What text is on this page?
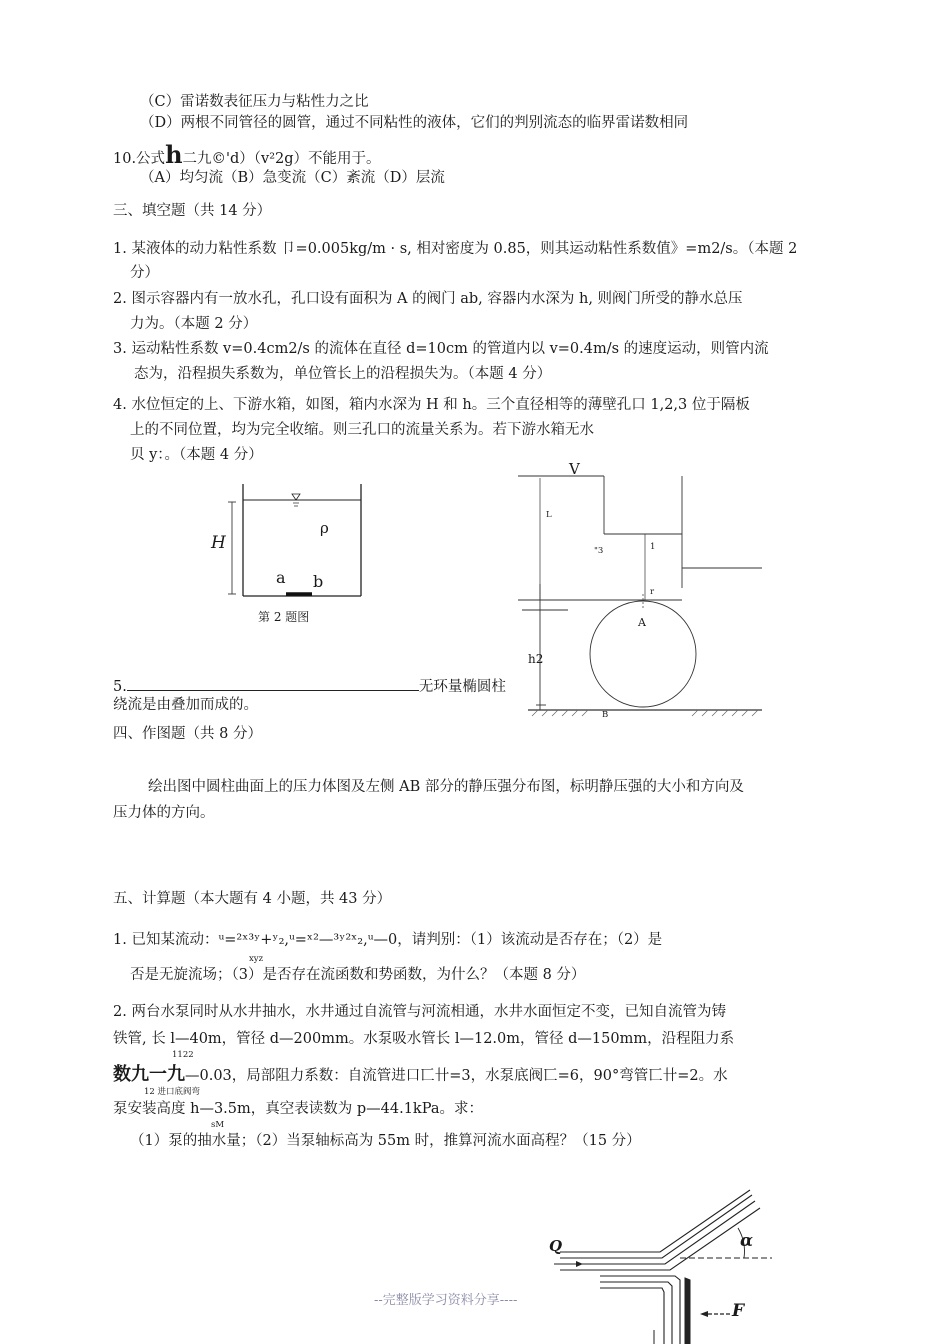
（C）雷诺数表征压力与粘性力之比
（D）两根不同管径的圆管，通过不同粘性的液体，它们的判别流态的临界雷诺数相同
10.公式h二九©'d）（v²2g）不能用于。
（A）均匀流（B）急变流（C）紊流（D）层流
三、填空题（共 14 分）
1. 某液体的动力粘性系数 卩=0.005kg/m · s, 相对密度为 0.85，则其运动粘性系数值》=m2/s。（本题 2
分）
2. 图示容器内有一放水孔，孔口设有面积为 A 的阀门 ab, 容器内水深为 h, 则阀门所受的静水总压
力为。（本题 2 分）
3. 运动粘性系数 v=0.4cm2/s 的流体在直径 d=10cm 的管道内以 v=0.4m/s 的速度运动，则管内流
态为，沿程损失系数为，单位管长上的沿程损失为。（本题 4 分）
4. 水位恒定的上、下游水箱，如图，箱内水深为 H 和 h。三个直径相等的薄壁孔口 1,2,3 位于隔板
上的不同位置，均为完全收缩。则三孔口的流量关系为。若下游水箱无水
贝 y：。（本题 4 分）
H
ρ
a b
第 2 题图
V
L
"3	1
r
A
h2
B
5.	无环量椭圆柱
绕流是由叠加而成的。
四、作图题（共 8 分）
绘出图中圆柱曲面上的压力体图及左侧 AB 部分的静压强分布图，标明静压强的大小和方向及
压力体的方向。
五、计算题（本大题有 4 小题，共 43 分）
1. 已知某流动：ᵘ=²ˣ³ʸ+ʸ₂,ᵘ=ˣ²—³ʸ²ˣ₂,ᵘ—0，请判别：（1）该流动是否存在；（2）是
xyz
否是无旋流场；（3）是否存在流函数和势函数，为什么？（本题 8 分）
2. 两台水泵同时从水井抽水，水井通过自流管与河流相通，水井水面恒定不变，已知自流管为铸
铁管, 长 l—40m，管径 d—200mm。水泵吸水管长 l—12.0m，管径 d—150mm，沿程阻力系
1122
数九一九—0.03，局部阻力系数：自流管进口匸卄=3，水泵底阀匸=6，90°弯管匸卄=2。水
12 进口底阀弯
泵安装高度 h—3.5m，真空表读数为 p—44.1kPa。求：
sM
（1）泵的抽水量；（2）当泵轴标高为 55m 时，推算河流水面高程？（15 分）
Q	α
F
--完整版学习资料分享----
